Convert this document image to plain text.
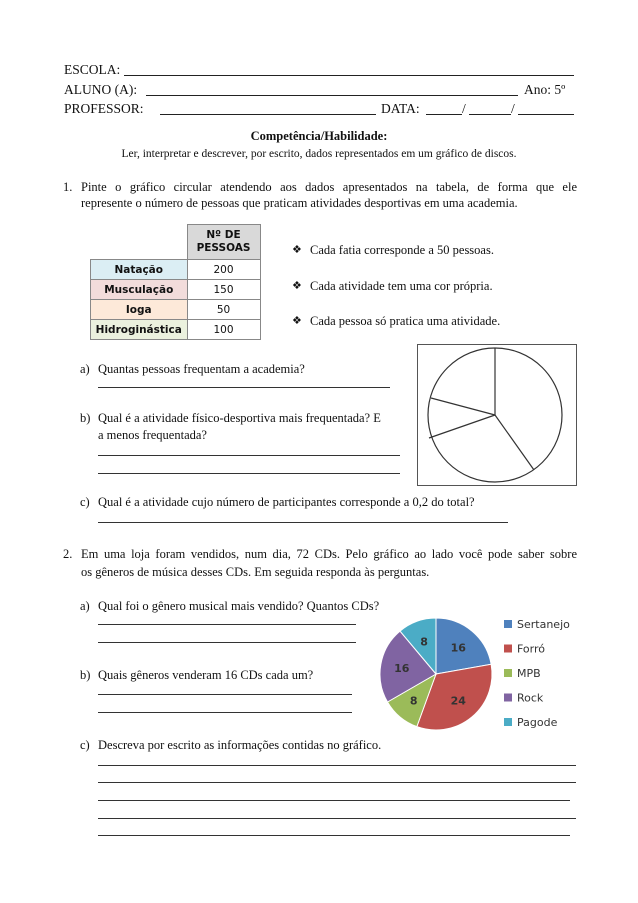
ESCOLA:
ALUNO (A):	Ano: 5º
PROFESSOR:	DATA:	/	/
Competência/Habilidade:
Ler, interpretar e descrever, por escrito, dados representados em um gráfico de discos.
1. Pinte o gráfico circular atendendo aos dados apresentados na tabela, de forma que ele
represente o número de pessoas que praticam atividades desportivas em uma academia.
	Nº DE PESSOAS
Natação	200
Musculação	150
Ioga	50
Hidroginástica	100
❖ Cada fatia corresponde a 50 pessoas.
❖ Cada atividade tem uma cor própria.
❖ Cada pessoa só pratica uma atividade.
a) Quantas pessoas frequentam a academia?
b) Qual é a atividade físico-desportiva mais frequentada? E
a menos frequentada?
c) Qual é a atividade cujo número de participantes corresponde a 0,2 do total?
2. Em uma loja foram vendidos, num dia, 72 CDs. Pelo gráfico ao lado você pode saber sobre
os gêneros de música desses CDs. Em seguida responda às perguntas.
a) Qual foi o gênero musical mais vendido? Quantos CDs?
b) Quais gêneros venderam 16 CDs cada um?
c) Descreva por escrito as informações contidas no gráfico.
16
24
8
16
8
Sertanejo
Forró
MPB
Rock
Pagode
